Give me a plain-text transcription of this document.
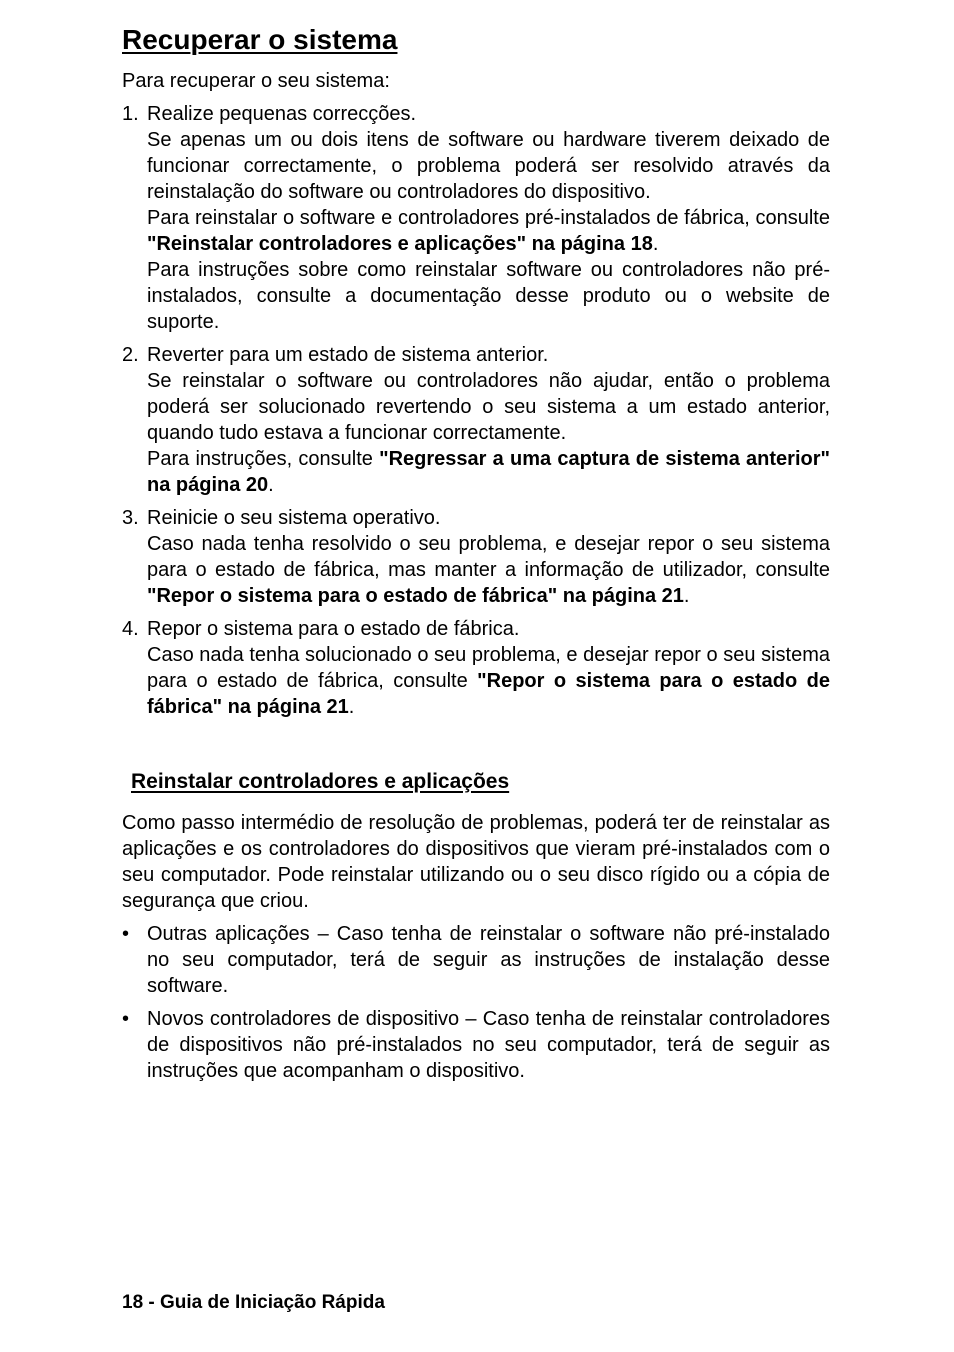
Recuperar o sistema

Para recuperar o seu sistema:

1. Realize pequenas correcções.

Se apenas um ou dois itens de software ou hardware tiverem deixado de funcionar correctamente, o problema poderá ser resolvido através da reinstalação do software ou controladores do dispositivo.

Para reinstalar o software e controladores pré-instalados de fábrica, consulte "Reinstalar controladores e aplicações" na página 18.

Para instruções sobre como reinstalar software ou controladores não pré-instalados, consulte a documentação desse produto ou o website de suporte.

2. Reverter para um estado de sistema anterior.

Se reinstalar o software ou controladores não ajudar, então o problema poderá ser solucionado revertendo o seu sistema a um estado anterior, quando tudo estava a funcionar correctamente.

Para instruções, consulte "Regressar a uma captura de sistema anterior" na página 20.

3. Reinicie o seu sistema operativo.

Caso nada tenha resolvido o seu problema, e desejar repor o seu sistema para o estado de fábrica, mas manter a informação de utilizador, consulte "Repor o sistema para o estado de fábrica" na página 21.

4. Repor o sistema para o estado de fábrica.

Caso nada tenha solucionado o seu problema, e desejar repor o seu sistema para o estado de fábrica, consulte "Repor o sistema para o estado de fábrica" na página 21.

Reinstalar controladores e aplicações

Como passo intermédio de resolução de problemas, poderá ter de reinstalar as aplicações e os controladores do dispositivos que vieram pré-instalados com o seu computador. Pode reinstalar utilizando ou o seu disco rígido ou a cópia de segurança que criou.

• Outras aplicações – Caso tenha de reinstalar o software não pré-instalado no seu computador, terá de seguir as instruções de instalação desse software.
• Novos controladores de dispositivo – Caso tenha de reinstalar controladores de dispositivos não pré-instalados no seu computador, terá de seguir as instruções que acompanham o dispositivo.

18 - Guia de Iniciação Rápida
